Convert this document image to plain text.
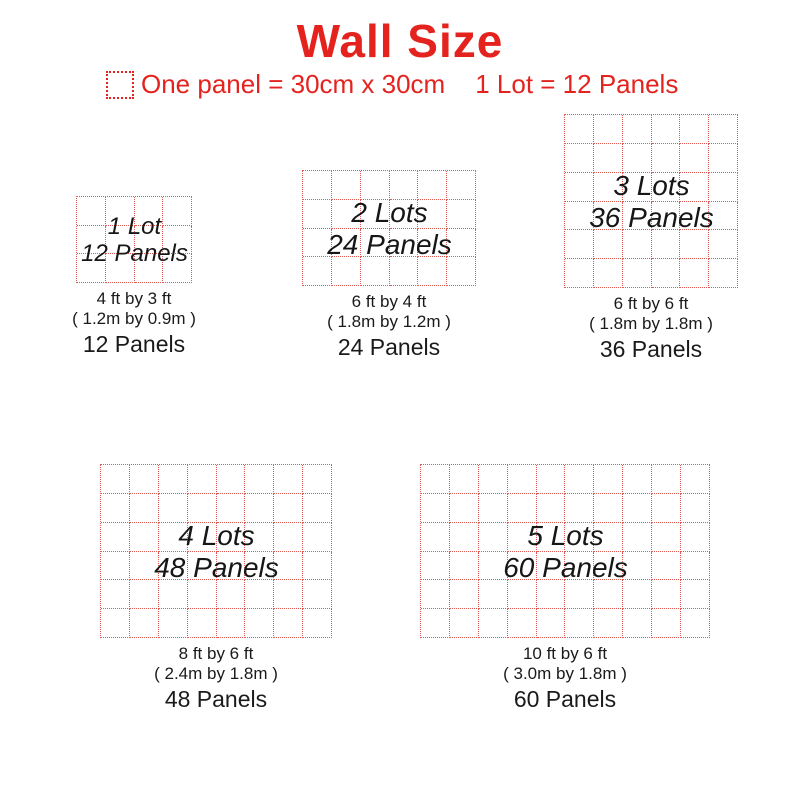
Wall Size
One panel = 30cm x 30cm 1 Lot = 12 Panels
1 Lot
12 Panels
4 ft by 3 ft
( 1.2m by 0.9m )
12 Panels
2 Lots
24 Panels
6 ft by 4 ft
( 1.8m by 1.2m )
24 Panels
3 Lots
36 Panels
6 ft by 6 ft
( 1.8m by 1.8m )
36 Panels
4 Lots
48 Panels
8 ft by 6 ft
( 2.4m by 1.8m )
48 Panels
5 Lots
60 Panels
10 ft by 6 ft
( 3.0m by 1.8m )
60 Panels
